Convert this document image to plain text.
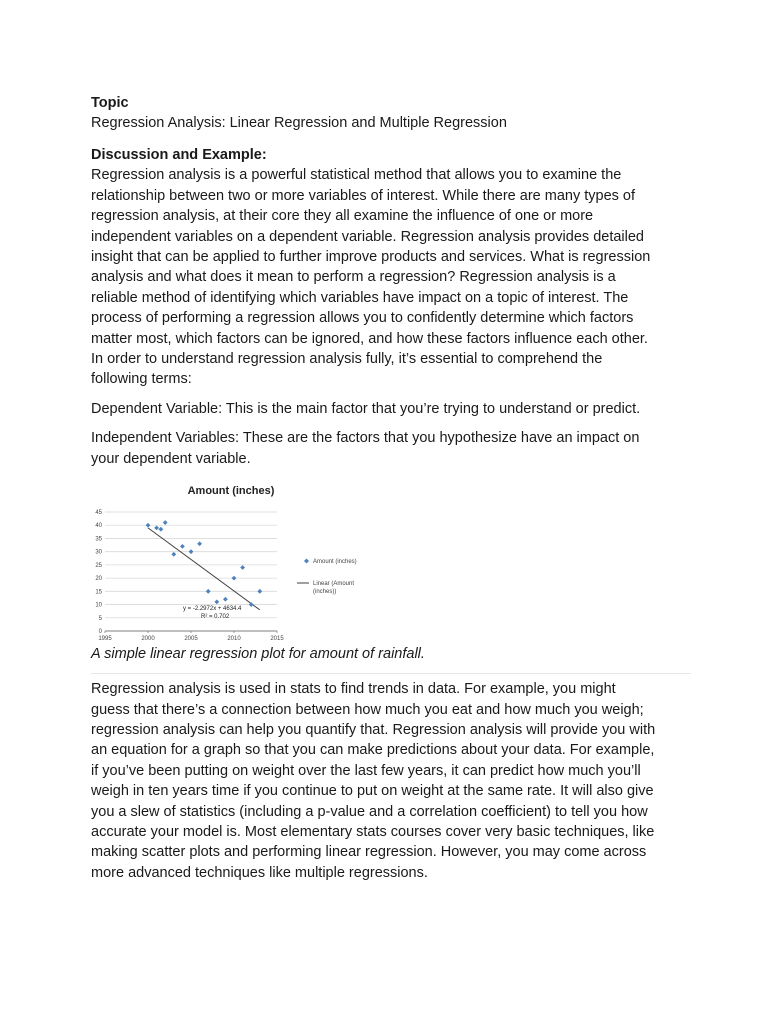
Topic

Regression Analysis: Linear Regression and Multiple Regression

Discussion and Example:

Regression analysis is a powerful statistical method that allows you to examine the
relationship between two or more variables of interest. While there are many types of
regression analysis, at their core they all examine the influence of one or more
independent variables on a dependent variable. Regression analysis provides detailed
insight that can be applied to further improve products and services. What is regression
analysis and what does it mean to perform a regression? Regression analysis is a
reliable method of identifying which variables have impact on a topic of interest. The
process of performing a regression allows you to confidently determine which factors
matter most, which factors can be ignored, and how these factors influence each other.
In order to understand regression analysis fully, it’s essential to comprehend the
following terms:
Dependent Variable: This is the main factor that you’re trying to understand or predict.
Independent Variables: These are the factors that you hypothesize have an impact on
your dependent variable.
Amount (inches)
0
5
10
15
20
25
30
35
40
45
1995	2000	2005	2010	2015
y = -2.2972x + 4634.4
R² = 0.702
Amount (inches)
Linear (Amount
(inches))
A simple linear regression plot for amount of rainfall.
Regression analysis is used in stats to find trends in data. For example, you might
guess that there’s a connection between how much you eat and how much you weigh;
regression analysis can help you quantify that. Regression analysis will provide you with
an equation for a graph so that you can make predictions about your data. For example,
if you’ve been putting on weight over the last few years, it can predict how much you’ll
weigh in ten years time if you continue to put on weight at the same rate. It will also give
you a slew of statistics (including a p-value and a correlation coefficient) to tell you how
accurate your model is. Most elementary stats courses cover very basic techniques, like
making scatter plots and performing linear regression. However, you may come across
more advanced techniques like multiple regressions.
